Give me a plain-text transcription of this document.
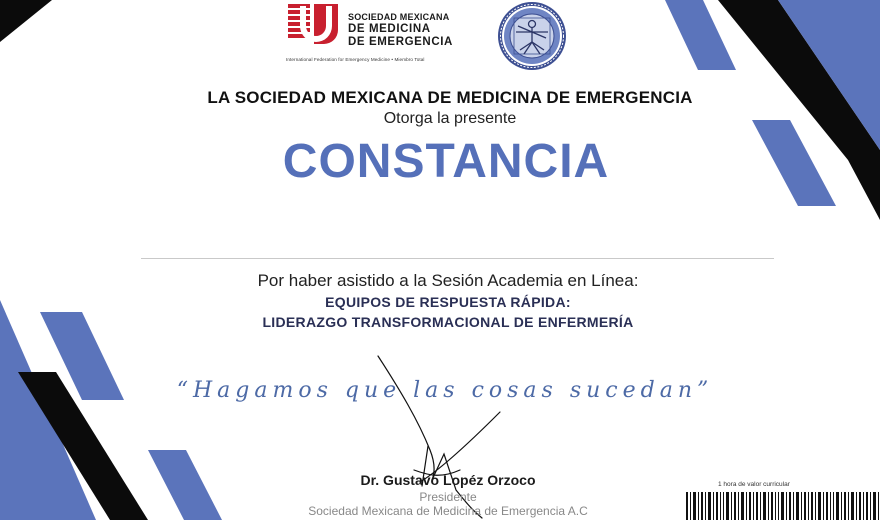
SOCIEDAD MEXICANA
DE MEDICINA
DE EMERGENCIA
International Federation for Emergency Medicine • Miembro Total
LA SOCIEDAD MEXICANA DE MEDICINA DE EMERGENCIA
Otorga la presente
CONSTANCIA
Por haber asistido a la Sesión Academia en Línea:
EQUIPOS DE RESPUESTA RÁPIDA:
LIDERAZGO TRANSFORMACIONAL DE ENFERMERÍA
“Hagamos que las cosas sucedan”
Dr. Gustavo Lopéz Orzoco
Presidente
Sociedad Mexicana de Medicina de Emergencia A.C
1 hora de valor curricular
